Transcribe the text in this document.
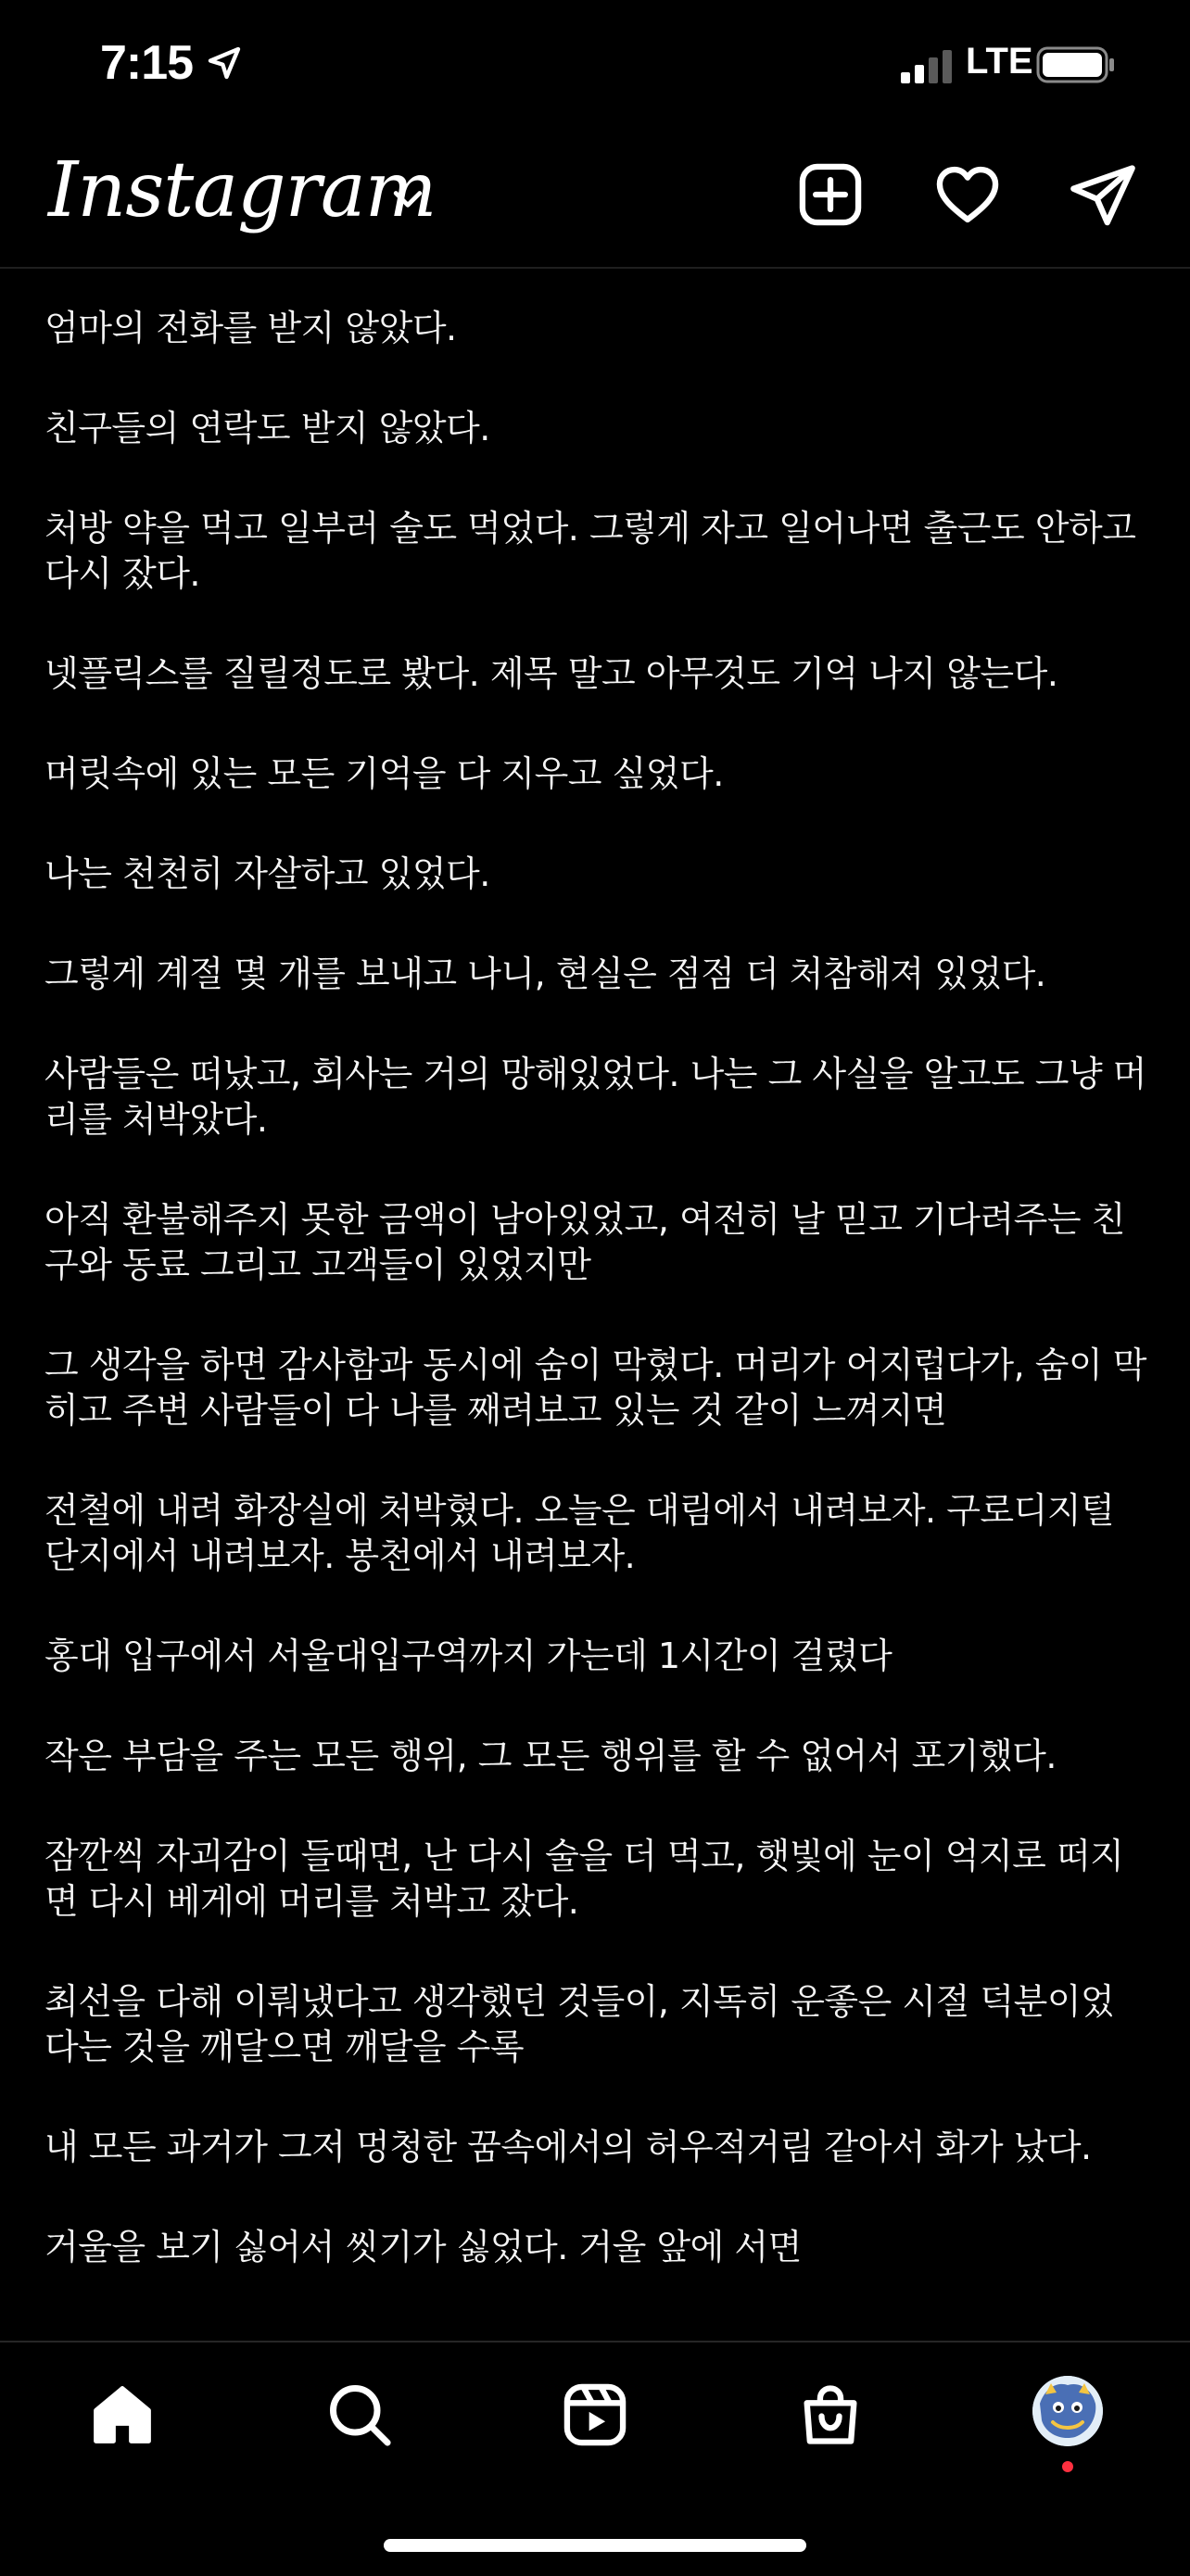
7:15	LTE
Instagram

엄마의 전화를 받지 않았다.

친구들의 연락도 받지 않았다.

처방 약을 먹고 일부러 술도 먹었다. 그렇게 자고 일어나면 출근도 안하고 다시 잤다.

넷플릭스를 질릴정도로 봤다. 제목 말고 아무것도 기억 나지 않는다.

머릿속에 있는 모든 기억을 다 지우고 싶었다.

나는 천천히 자살하고 있었다.

그렇게 계절 몇 개를 보내고 나니, 현실은 점점 더 처참해져 있었다.

사람들은 떠났고, 회사는 거의 망해있었다. 나는 그 사실을 알고도 그냥 머리를 처박았다.

아직 환불해주지 못한 금액이 남아있었고, 여전히 날 믿고 기다려주는 친구와 동료 그리고 고객들이 있었지만

그 생각을 하면 감사함과 동시에 숨이 막혔다. 머리가 어지럽다가, 숨이 막히고 주변 사람들이 다 나를 째려보고 있는 것 같이 느껴지면

전철에 내려 화장실에 처박혔다. 오늘은 대림에서 내려보자. 구로디지털단지에서 내려보자. 봉천에서 내려보자.

홍대 입구에서 서울대입구역까지 가는데 1시간이 걸렸다

작은 부담을 주는 모든 행위, 그 모든 행위를 할 수 없어서 포기했다.

잠깐씩 자괴감이 들때면, 난 다시 술을 더 먹고, 햇빛에 눈이 억지로 떠지면 다시 베게에 머리를 처박고 잤다.

최선을 다해 이뤄냈다고 생각했던 것들이, 지독히 운좋은 시절 덕분이었다는 것을 깨달으면 깨달을 수록

내 모든 과거가 그저 멍청한 꿈속에서의 허우적거림 같아서 화가 났다.

거울을 보기 싫어서 씻기가 싫었다. 거울 앞에 서면
